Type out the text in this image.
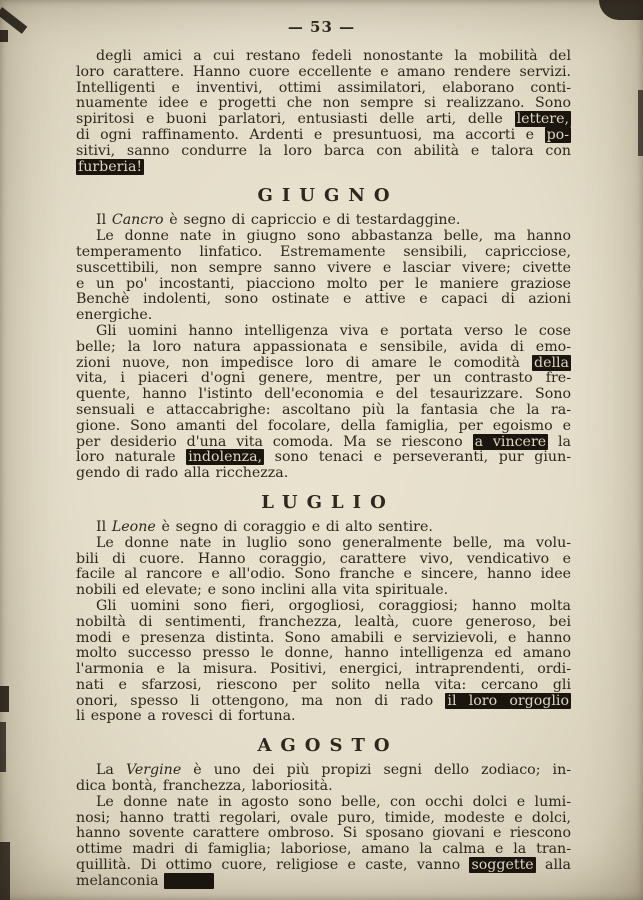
— 53 —
degli amici a cui restano fedeli nonostante la mobilità del
loro carattere. Hanno cuore eccellente e amano rendere servizi.
Intelligenti e inventivi, ottimi assimilatori, elaborano conti-
nuamente idee e progetti che non sempre si realizzano. Sono
spiritosi e buoni parlatori, entusiasti delle arti, delle lettere,
di ogni raffinamento. Ardenti e presuntuosi, ma accorti e po-
sitivi, sanno condurre la loro barca con abilità e talora con
furberia!
GIUGNO
Il Cancro è segno di capriccio e di testardaggine.
Le donne nate in giugno sono abbastanza belle, ma hanno
temperamento linfatico. Estremamente sensibili, capricciose,
suscettibili, non sempre sanno vivere e lasciar vivere; civette
e un po' incostanti, piacciono molto per le maniere graziose
Benchè indolenti, sono ostinate e attive e capaci di azioni
energiche.
Gli uomini hanno intelligenza viva e portata verso le cose
belle; la loro natura appassionata e sensibile, avida di emo-
zioni nuove, non impedisce loro di amare le comodità della
vita, i piaceri d'ogni genere, mentre, per un contrasto fre-
quente, hanno l'istinto dell'economia e del tesaurizzare. Sono
sensuali e attaccabrighe: ascoltano più la fantasia che la ra-
gione. Sono amanti del focolare, della famiglia, per egoismo e
per desiderio d'una vita comoda. Ma se riescono a vincere la
loro naturale indolenza, sono tenaci e perseveranti, pur giun-
gendo di rado alla ricchezza.
LUGLIO
Il Leone è segno di coraggio e di alto sentire.
Le donne nate in luglio sono generalmente belle, ma volu-
bili di cuore. Hanno coraggio, carattere vivo, vendicativo e
facile al rancore e all'odio. Sono franche e sincere, hanno idee
nobili ed elevate; e sono inclini alla vita spirituale.
Gli uomini sono fieri, orgogliosi, coraggiosi; hanno molta
nobiltà di sentimenti, franchezza, lealtà, cuore generoso, bei
modi e presenza distinta. Sono amabili e servizievoli, e hanno
molto successo presso le donne, hanno intelligenza ed amano
l'armonia e la misura. Positivi, energici, intraprendenti, ordi-
nati e sfarzosi, riescono per solito nella vita: cercano gli
onori, spesso li ottengono, ma non di rado il loro orgoglio
li espone a rovesci di fortuna.
AGOSTO
La Vergine è uno dei più propizi segni dello zodiaco; in-
dica bontà, franchezza, laboriosità.
Le donne nate in agosto sono belle, con occhi dolci e lumi-
nosi; hanno tratti regolari, ovale puro, timide, modeste e dolci,
hanno sovente carattere ombroso. Si sposano giovani e riescono
ottime madri di famiglia; laboriose, amano la calma e la tran-
quillità. Di ottimo cuore, religiose e caste, vanno soggette alla
melanconia
